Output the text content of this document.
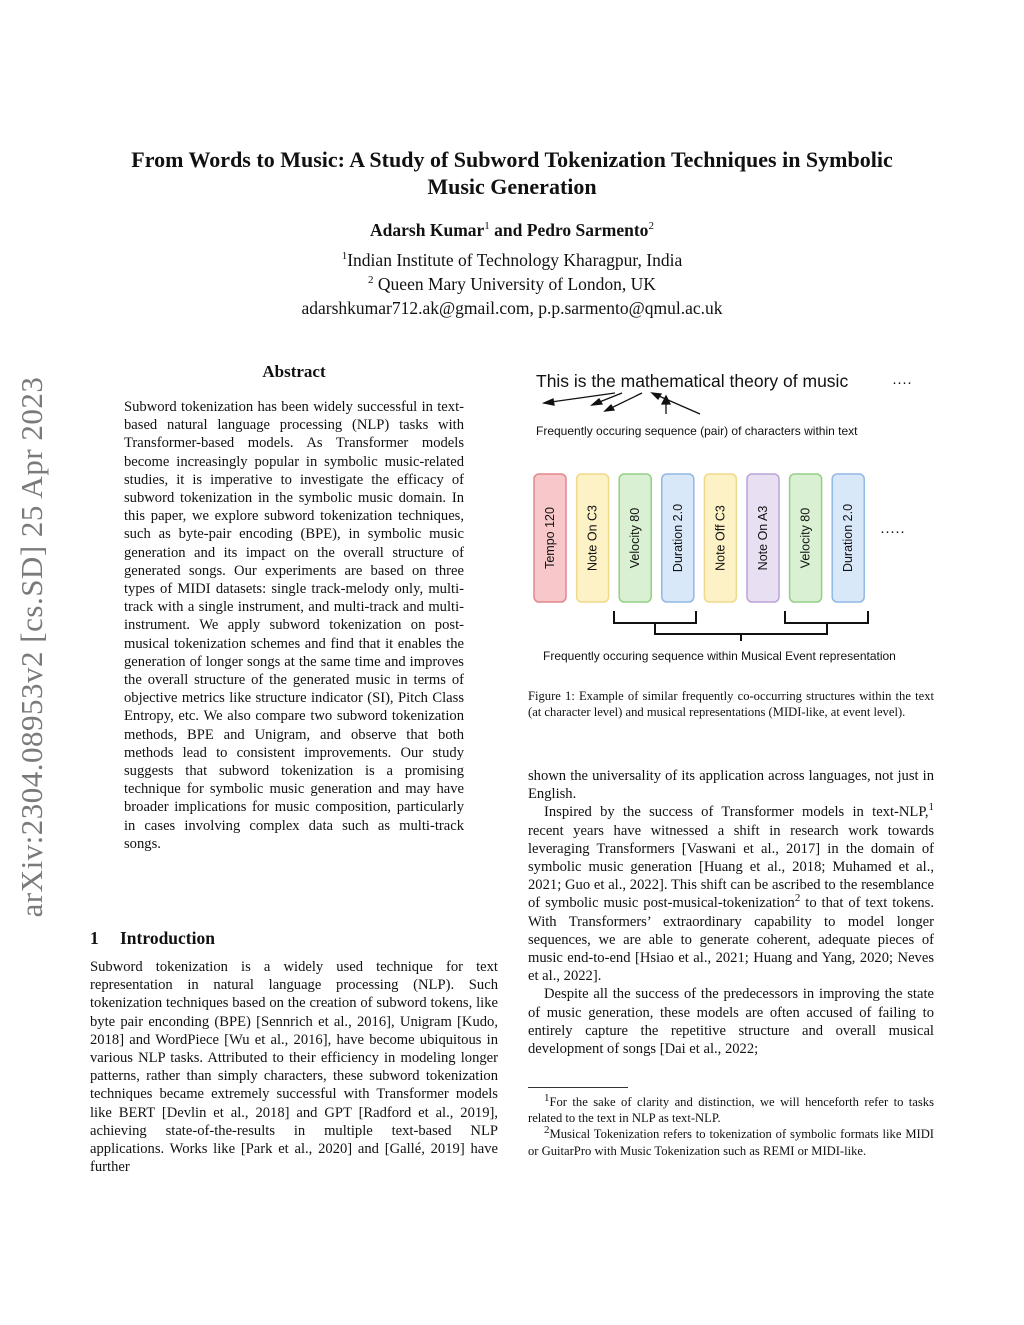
From Words to Music: A Study of Subword Tokenization Techniques in Symbolic
Music Generation
Adarsh Kumar$^1$ and Pedro Sarmento$^2$
$^1$Indian Institute of Technology Kharagpur, India
$^2$ Queen Mary University of London, UK
adarshkumar712.ak@gmail.com, p.p.sarmento@qmul.ac.uk
arXiv:2304.08953v2 [cs.SD] 25 Apr 2023
Abstract
Subword tokenization has been widely successful in text-based natural language processing (NLP) tasks with Transformer-based models. As Transformer models become increasingly popular in symbolic music-related studies, it is imperative to investigate the efficacy of subword tokenization in the symbolic music domain. In this paper, we explore subword tokenization techniques, such as byte-pair encoding (BPE), in symbolic music generation and its impact on the overall structure of generated songs. Our experiments are based on three types of MIDI datasets: single track-melody only, multi-track with a single instrument, and multi-track and multi-instrument. We apply subword tokenization on post-musical tokenization schemes and find that it enables the generation of longer songs at the same time and improves the overall structure of the generated music in terms of objective metrics like structure indicator (SI), Pitch Class Entropy, etc. We also compare two subword tokenization methods, BPE and Unigram, and observe that both methods lead to consistent improvements. Our study suggests that subword tokenization is a promising technique for symbolic music generation and may have broader implications for music composition, particularly in cases involving complex data such as multi-track songs.
1 Introduction
Subword tokenization is a widely used technique for text representation in natural language processing (NLP). Such tokenization techniques based on the creation of subword tokens, like byte pair enconding (BPE) [Sennrich et al., 2016], Unigram [Kudo, 2018] and WordPiece [Wu et al., 2016], have become ubiquitous in various NLP tasks. Attributed to their efficiency in modeling longer patterns, rather than simply characters, these subword tokenization techniques became extremely successful with Transformer models like BERT [Devlin et al., 2018] and GPT [Radford et al., 2019], achieving state-of-the-results in multiple text-based NLP applications. Works like [Park et al., 2020] and [Gallé, 2019] have further
This is the mathematical theory of music	····
Frequently occuring sequence (pair) of characters within text
Tempo 120 Note On C3 Velocity 80 Duration 2.0 Note Off C3 Note On A3 Velocity 80 Duration 2.0 ·····
Frequently occuring sequence within Musical Event representation
Figure 1: Example of similar frequently co-occurring structures within the text (at character level) and musical representations (MIDI-like, at event level).

shown the universality of its application across languages, not just in English.

Inspired by the success of Transformer models in text-NLP,$^1$ recent years have witnessed a shift in research work towards leveraging Transformers [Vaswani et al., 2017] in the domain of symbolic music generation [Huang et al., 2018; Muhamed et al., 2021; Guo et al., 2022]. This shift can be ascribed to the resemblance of symbolic music post-musical-tokenization$^2$ to that of text tokens. With Transformers’ extraordinary capability to model longer sequences, we are able to generate coherent, adequate pieces of music end-to-end [Hsiao et al., 2021; Huang and Yang, 2020; Neves et al., 2022].

Despite all the success of the predecessors in improving the state of music generation, these models are often accused of failing to entirely capture the repetitive structure and overall musical development of songs [Dai et al., 2022;

$^1$For the sake of clarity and distinction, we will henceforth refer to tasks related to the text in NLP as text-NLP.

$^2$Musical Tokenization refers to tokenization of symbolic formats like MIDI or GuitarPro with Music Tokenization such as REMI or MIDI-like.
